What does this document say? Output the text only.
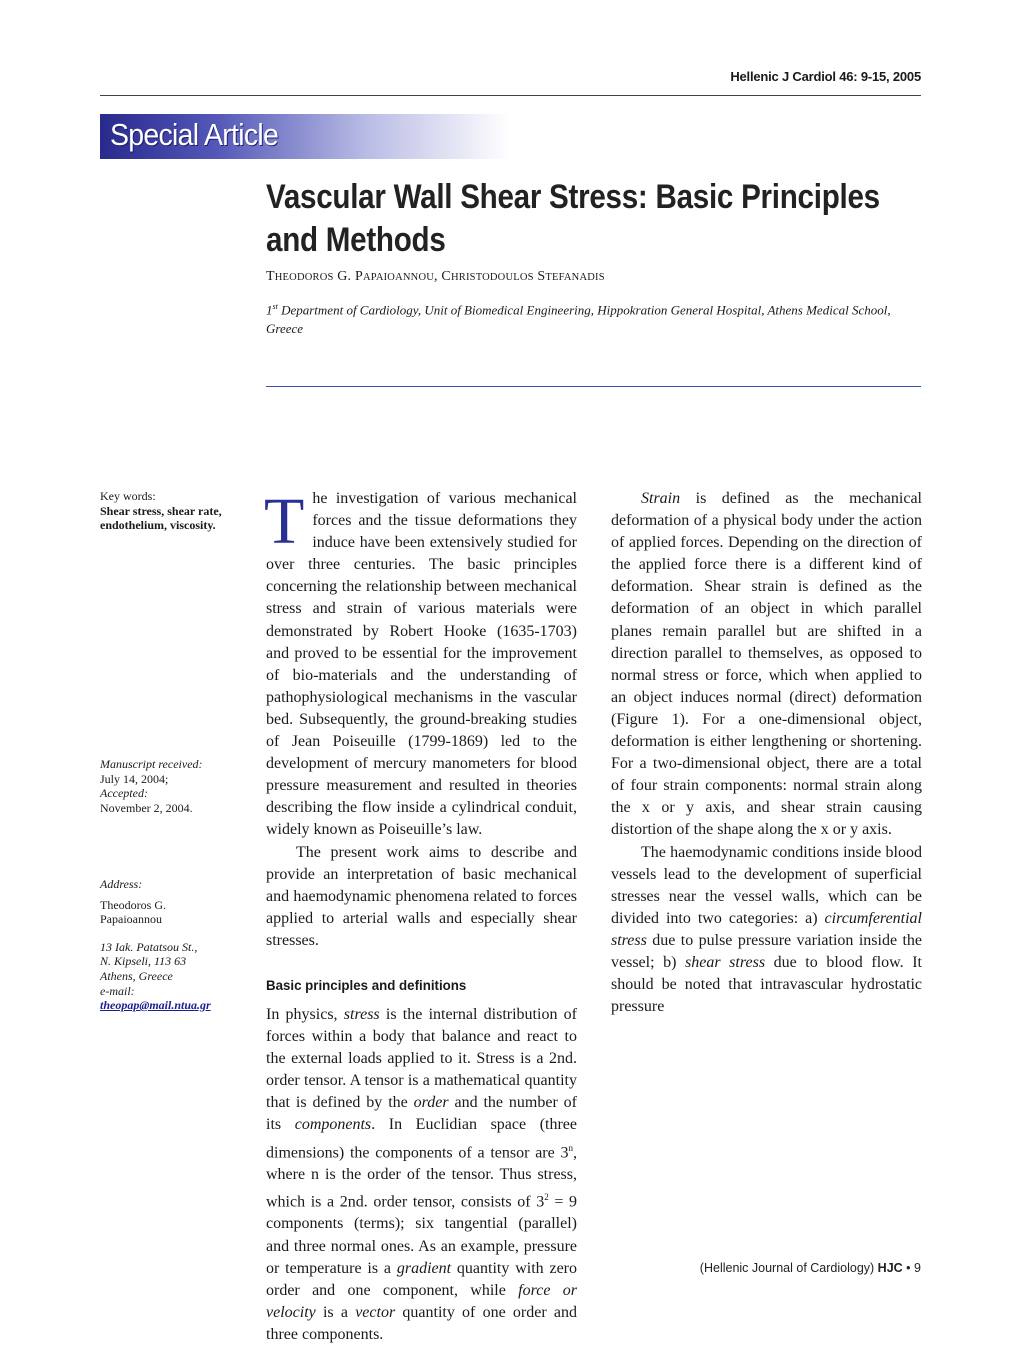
Hellenic J Cardiol 46: 9-15, 2005
Special Article
Vascular Wall Shear Stress: Basic Principles and Methods
THEODOROS G. PAPAIOANNOU, CHRISTODOULOS STEFANADIS
1st Department of Cardiology, Unit of Biomedical Engineering, Hippokration General Hospital, Athens Medical School, Greece
Key words:
Shear stress, shear rate, endothelium, viscosity.
Manuscript received:
July 14, 2004;
Accepted:
November 2, 2004.
Address:
Theodoros G.
Papaioannou
13 Iak. Patatsou St.,
N. Kipseli, 113 63
Athens, Greece
e-mail:
theopap@mail.ntua.gr

The investigation of various mechanical forces and the tissue deformations they induce have been extensively studied for over three centuries. The basic principles concerning the relationship between mechanical stress and strain of various materials were demonstrated by Robert Hooke (1635-1703) and proved to be essential for the improvement of bio-materials and the understanding of pathophysiological mechanisms in the vascular bed. Subsequently, the ground-breaking studies of Jean Poiseuille (1799-1869) led to the development of mercury manometers for blood pressure measurement and resulted in theories describing the flow inside a cylindrical conduit, widely known as Poiseuille’s law.

The present work aims to describe and provide an interpretation of basic mechanical and haemodynamic phenomena related to forces applied to arterial walls and especially shear stresses.

Basic principles and definitions

In physics, stress is the internal distribution of forces within a body that balance and react to the external loads applied to it. Stress is a 2nd. order tensor. A tensor is a mathematical quantity that is defined by the order and the number of its components. In Euclidian space (three dimensions) the components of a tensor are 3$^n$, where n is the order of the tensor. Thus stress, which is a 2nd. order tensor, consists of $3^2 = 9$ components (terms); six tangential (parallel) and three normal ones. As an example, pressure or temperature is a gradient quantity with zero order and one component, while force or velocity is a vector quantity of one order and three components.

Strain is defined as the mechanical deformation of a physical body under the action of applied forces. Depending on the direction of the applied force there is a different kind of deformation. Shear strain is defined as the deformation of an object in which parallel planes remain parallel but are shifted in a direction parallel to themselves, as opposed to normal stress or force, which when applied to an object induces normal (direct) deformation (Figure 1). For a one-dimensional object, deformation is either lengthening or shortening. For a two-dimensional object, there are a total of four strain components: normal strain along the x or y axis, and shear strain causing distortion of the shape along the x or y axis.

The haemodynamic conditions inside blood vessels lead to the development of superficial stresses near the vessel walls, which can be divided into two categories: a) circumferential stress due to pulse pressure variation inside the vessel; b) shear stress due to blood flow. It should be noted that intravascular hydrostatic pressure

(Hellenic Journal of Cardiology) HJC • 9
